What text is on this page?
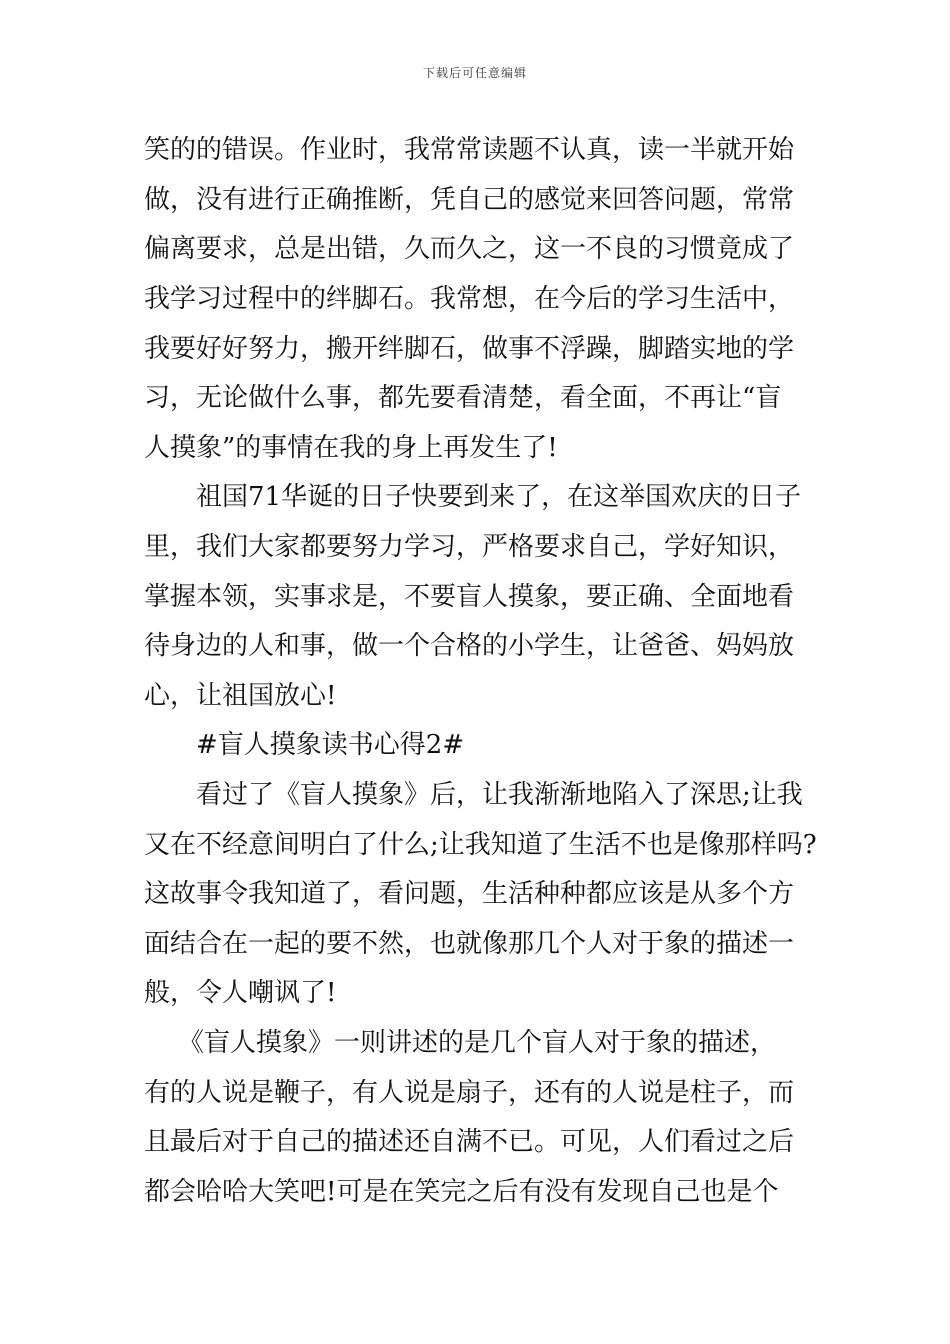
下载后可任意编辑
笑的的错误。作业时，我常常读题不认真，读一半就开始
做，没有进行正确推断，凭自己的感觉来回答问题，常常
偏离要求，总是出错，久而久之，这一不良的习惯竟成了
我学习过程中的绊脚石。我常想，在今后的学习生活中，
我要好好努力，搬开绊脚石，做事不浮躁，脚踏实地的学
习，无论做什么事，都先要看清楚，看全面，不再让“盲
人摸象”的事情在我的身上再发生了!
祖国71华诞的日子快要到来了，在这举国欢庆的日子
里，我们大家都要努力学习，严格要求自己，学好知识，
掌握本领，实事求是，不要盲人摸象，要正确、全面地看
待身边的人和事，做一个合格的小学生，让爸爸、妈妈放
心，让祖国放心!
#盲人摸象读书心得2#
看过了《盲人摸象》后，让我渐渐地陷入了深思;让我
又在不经意间明白了什么;让我知道了生活不也是像那样吗?
这故事令我知道了，看问题，生活种种都应该是从多个方
面结合在一起的要不然，也就像那几个人对于象的描述一
般，令人嘲讽了!
《盲人摸象》一则讲述的是几个盲人对于象的描述，
有的人说是鞭子，有人说是扇子，还有的人说是柱子，而
且最后对于自己的描述还自满不已。可见，人们看过之后
都会哈哈大笑吧!可是在笑完之后有没有发现自己也是个
